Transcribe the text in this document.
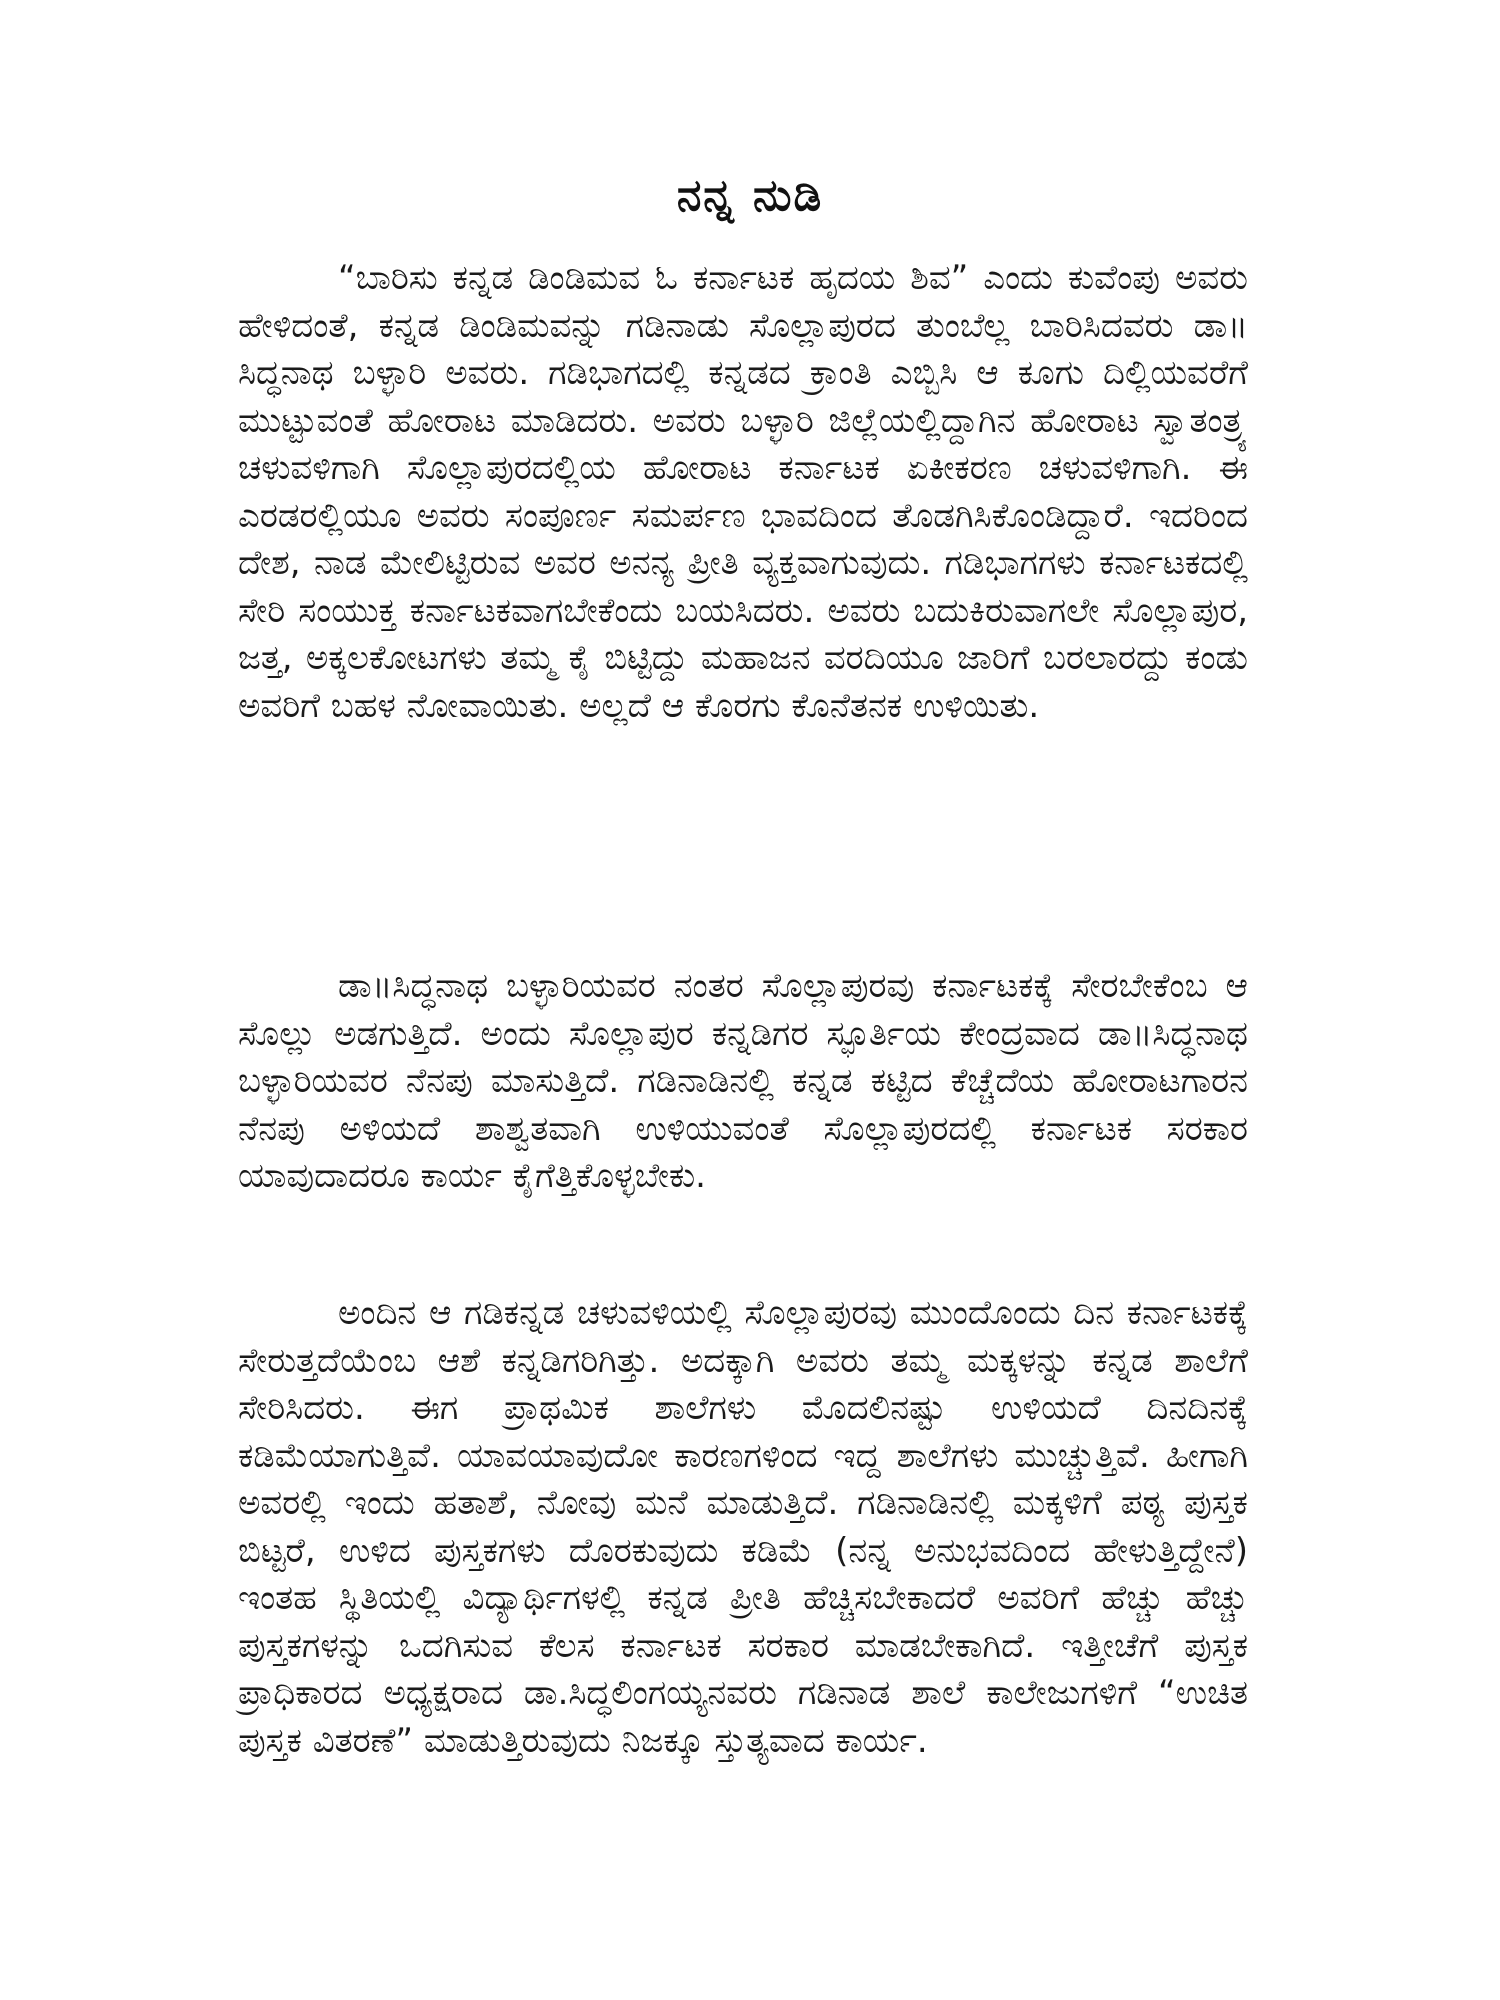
ನನ್ನ ನುಡಿ

“ಬಾರಿಸು ಕನ್ನಡ ಡಿಂಡಿಮವ ಓ ಕರ್ನಾಟಕ ಹೃದಯ ಶಿವ” ಎಂದು ಕುವೆಂಪು ಅವರು ಹೇಳಿದಂತೆ, ಕನ್ನಡ ಡಿಂಡಿಮವನ್ನು ಗಡಿನಾಡು ಸೊಲ್ಲಾಪುರದ ತುಂಬೆಲ್ಲ ಬಾರಿಸಿದವರು ಡಾ॥ಸಿದ್ಧನಾಥ ಬಳ್ಳಾರಿ ಅವರು. ಗಡಿಭಾಗದಲ್ಲಿ ಕನ್ನಡದ ಕ್ರಾಂತಿ ಎಬ್ಬಿಸಿ ಆ ಕೂಗು ದಿಲ್ಲಿಯವರೆಗೆ ಮುಟ್ಟುವಂತೆ ಹೋರಾಟ ಮಾಡಿದರು. ಅವರು ಬಳ್ಳಾರಿ ಜಿಲ್ಲೆಯಲ್ಲಿದ್ದಾಗಿನ ಹೋರಾಟ ಸ್ವಾತಂತ್ರ್ಯ ಚಳುವಳಿಗಾಗಿ ಸೊಲ್ಲಾಪುರದಲ್ಲಿಯ ಹೋರಾಟ ಕರ್ನಾಟಕ ಏಕೀಕರಣ ಚಳುವಳಿಗಾಗಿ. ಈ ಎರಡರಲ್ಲಿಯೂ ಅವರು ಸಂಪೂರ್ಣ ಸಮರ್ಪಣ ಭಾವದಿಂದ ತೊಡಗಿಸಿಕೊಂಡಿದ್ದಾರೆ. ಇದರಿಂದ ದೇಶ, ನಾಡ ಮೇಲಿಟ್ಟಿರುವ ಅವರ ಅನನ್ಯ ಪ್ರೀತಿ ವ್ಯಕ್ತವಾಗುವುದು. ಗಡಿಭಾಗಗಳು ಕರ್ನಾಟಕದಲ್ಲಿ ಸೇರಿ ಸಂಯುಕ್ತ ಕರ್ನಾಟಕವಾಗಬೇಕೆಂದು ಬಯಸಿದರು. ಅವರು ಬದುಕಿರುವಾಗಲೇ ಸೊಲ್ಲಾಪುರ, ಜತ್ತ, ಅಕ್ಕಲಕೋಟಗಳು ತಮ್ಮ ಕೈ ಬಿಟ್ಟಿದ್ದು ಮಹಾಜನ ವರದಿಯೂ ಜಾರಿಗೆ ಬರಲಾರದ್ದು ಕಂಡು ಅವರಿಗೆ ಬಹಳ ನೋವಾಯಿತು. ಅಲ್ಲದೆ ಆ ಕೊರಗು ಕೊನೆತನಕ ಉಳಿಯಿತು.

ಡಾ॥ಸಿದ್ಧನಾಥ ಬಳ್ಳಾರಿಯವರ ನಂತರ ಸೊಲ್ಲಾಪುರವು ಕರ್ನಾಟಕಕ್ಕೆ ಸೇರಬೇಕೆಂಬ ಆ ಸೊಲ್ಲು ಅಡಗುತ್ತಿದೆ. ಅಂದು ಸೊಲ್ಲಾಪುರ ಕನ್ನಡಿಗರ ಸ್ಫೂರ್ತಿಯ ಕೇಂದ್ರವಾದ ಡಾ॥ಸಿದ್ಧನಾಥ ಬಳ್ಳಾರಿಯವರ ನೆನಪು ಮಾಸುತ್ತಿದೆ. ಗಡಿನಾಡಿನಲ್ಲಿ ಕನ್ನಡ ಕಟ್ಟಿದ ಕೆಚ್ಚೆದೆಯ ಹೋರಾಟಗಾರನ ನೆನಪು ಅಳಿಯದೆ ಶಾಶ್ವತವಾಗಿ ಉಳಿಯುವಂತೆ ಸೊಲ್ಲಾಪುರದಲ್ಲಿ ಕರ್ನಾಟಕ ಸರಕಾರ ಯಾವುದಾದರೂ ಕಾರ್ಯ ಕೈಗೆತ್ತಿಕೊಳ್ಳಬೇಕು.

ಅಂದಿನ ಆ ಗಡಿಕನ್ನಡ ಚಳುವಳಿಯಲ್ಲಿ ಸೊಲ್ಲಾಪುರವು ಮುಂದೊಂದು ದಿನ ಕರ್ನಾಟಕಕ್ಕೆ ಸೇರುತ್ತದೆಯೆಂಬ ಆಶೆ ಕನ್ನಡಿಗರಿಗಿತ್ತು. ಅದಕ್ಕಾಗಿ ಅವರು ತಮ್ಮ ಮಕ್ಕಳನ್ನು ಕನ್ನಡ ಶಾಲೆಗೆ ಸೇರಿಸಿದರು. ಈಗ ಪ್ರಾಥಮಿಕ ಶಾಲೆಗಳು ಮೊದಲಿನಷ್ಟು ಉಳಿಯದೆ ದಿನದಿನಕ್ಕೆ ಕಡಿಮೆಯಾಗುತ್ತಿವೆ. ಯಾವಯಾವುದೋ ಕಾರಣಗಳಿಂದ ಇದ್ದ ಶಾಲೆಗಳು ಮುಚ್ಚುತ್ತಿವೆ. ಹೀಗಾಗಿ ಅವರಲ್ಲಿ ಇಂದು ಹತಾಶೆ, ನೋವು ಮನೆ ಮಾಡುತ್ತಿದೆ. ಗಡಿನಾಡಿನಲ್ಲಿ ಮಕ್ಕಳಿಗೆ ಪಠ್ಯ ಪುಸ್ತಕ ಬಿಟ್ಟರೆ, ಉಳಿದ ಪುಸ್ತಕಗಳು ದೊರಕುವುದು ಕಡಿಮೆ (ನನ್ನ ಅನುಭವದಿಂದ ಹೇಳುತ್ತಿದ್ದೇನೆ) ಇಂತಹ ಸ್ಥಿತಿಯಲ್ಲಿ ವಿದ್ಯಾರ್ಥಿಗಳಲ್ಲಿ ಕನ್ನಡ ಪ್ರೀತಿ ಹೆಚ್ಚಿಸಬೇಕಾದರೆ ಅವರಿಗೆ ಹೆಚ್ಚು ಹೆಚ್ಚು ಪುಸ್ತಕಗಳನ್ನು ಒದಗಿಸುವ ಕೆಲಸ ಕರ್ನಾಟಕ ಸರಕಾರ ಮಾಡಬೇಕಾಗಿದೆ. ಇತ್ತೀಚೆಗೆ ಪುಸ್ತಕ ಪ್ರಾಧಿಕಾರದ ಅಧ್ಯಕ್ಷರಾದ ಡಾ.ಸಿದ್ಧಲಿಂಗಯ್ಯನವರು ಗಡಿನಾಡ ಶಾಲೆ ಕಾಲೇಜುಗಳಿಗೆ “ಉಚಿತ ಪುಸ್ತಕ ವಿತರಣೆ” ಮಾಡುತ್ತಿರುವುದು ನಿಜಕ್ಕೂ ಸ್ತುತ್ಯವಾದ ಕಾರ್ಯ.
